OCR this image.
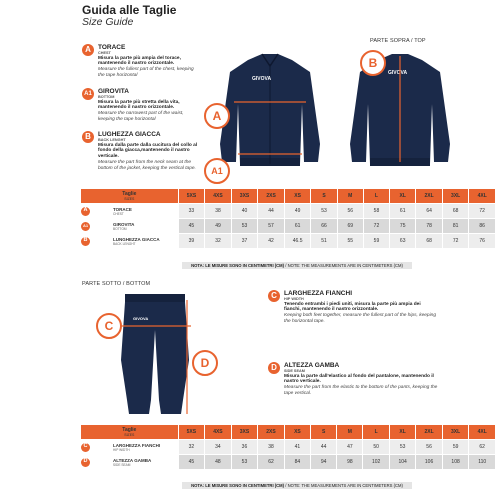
Guida alle Taglie
Size Guide
PARTE SOPRA / TOP
A	TORACE
CHEST
Misura la parte più ampia del torace, mantenendo il nastro orizzontale.
Measure the fullest part of the chest, keeping the tape horizontal
A1 GIROVITA
BOTTOM
Misura la parte più stretta della vita, mantenendo il nastro orizzontale.
Measure the narrowest part of the waist, keeping the tape horizontal
B	LUGHEZZA GIACCA
BACK LENGHT
Misura dalla parte dalla cucitura del collo al fondo della giacca,mantenendo il nastro verticale.
Measure the part from the neck seam at the bottom of the jacket, keeping the vertical tape.
GIVOVA
GIVOVA
A
A1
B
Taglie
SIZES	5XS	4XS	3XS	2XS	XS	S	M	L	XL	2XL	3XL	4XL

A TORACE
CHEST	33	38	40	44	49	53	56	58	61	64	68	72

A1 GIROVITA
BOTTOM	45	49	53	57	61	66	69	72	75	78	81	86

B LUNGHEZZA GIACCA
BACK LENGHT	39	32	37	42	46.5	51	55	59	63	68	72	76
NOTA: LE MISURE SONO IN CENTIMETRI (CM) / NOTE: THE MEASUREMENTS ARE IN CENTIMETERS (CM)
PARTE SOTTO / BOTTOM
GIVOVA
C
D
C	LARGHEZZA FIANCHI
HIP WIDTH
Tenendo entrambi i piedi uniti, misura la parte più ampia dei fianchi, mantenendo il nastro orizzontale.
Keeping both feet together, measure the fullest part of the hips, keeping the horizontal tape.
D	ALTEZZA GAMBA
SIDE SEAM
Misura la parte dall'elastico al fondo del pantalone, mantenendo il nastro verticale.
Measure the part from the elastic to the bottom of the pants, keeping the tape vertical.
Taglie
SIZES	5XS	4XS	3XS	2XS	XS	S	M	L	XL	2XL	3XL	4XL

C LARGHEZZA FIANCHI
HIP WIDTH	32	34	36	38	41	44	47	50	53	56	59	62

D ALTEZZA GAMBA
SIDE SEAM	45	48	53	62	84	94	98	102	104	106	108	110
NOTA: LE MISURE SONO IN CENTIMETRI (CM) / NOTE: THE MEASUREMENTS ARE IN CENTIMETERS (CM)
